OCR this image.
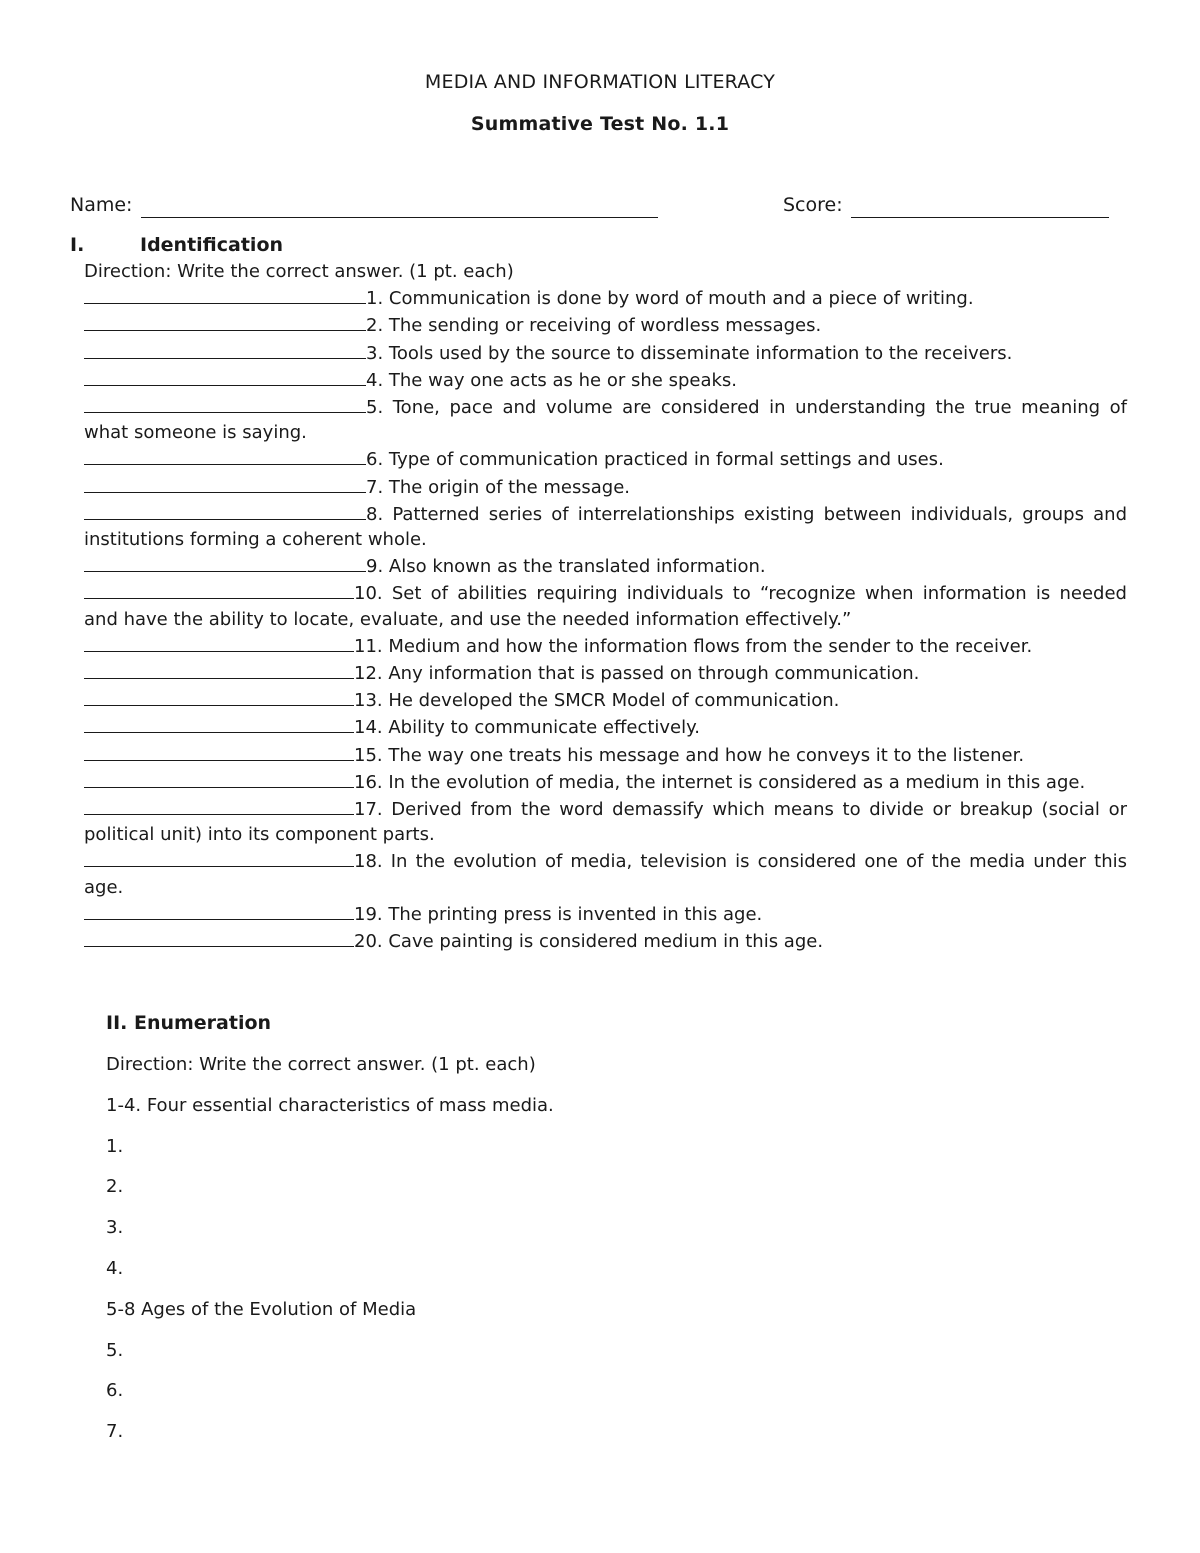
MEDIA AND INFORMATION LITERACY
Summative Test No. 1.1
Name:	Score:
I.	Identification
Direction: Write the correct answer. (1 pt. each)

1. Communication is done by word of mouth and a piece of writing.

2. The sending or receiving of wordless messages.

3. Tools used by the source to disseminate information to the receivers.

4. The way one acts as he or she speaks.

5. Tone, pace and volume are considered in understanding the true meaning of what someone is saying.

6. Type of communication practiced in formal settings and uses.

7. The origin of the message.

8. Patterned series of interrelationships existing between individuals, groups and institutions forming a coherent whole.

9. Also known as the translated information.

10. Set of abilities requiring individuals to “recognize when information is needed and have the ability to locate, evaluate, and use the needed information effectively.”

11. Medium and how the information flows from the sender to the receiver.

12. Any information that is passed on through communication.

13. He developed the SMCR Model of communication.

14. Ability to communicate effectively.

15. The way one treats his message and how he conveys it to the listener.

16. In the evolution of media, the internet is considered as a medium in this age.

17. Derived from the word demassify which means to divide or breakup (social or political unit) into its component parts.

18. In the evolution of media, television is considered one of the media under this age.

19. The printing press is invented in this age.

20. Cave painting is considered medium in this age.

II. Enumeration
Direction: Write the correct answer. (1 pt. each)
1-4. Four essential characteristics of mass media.
1.
2.
3.
4.
5-8 Ages of the Evolution of Media
5.
6.
7.
